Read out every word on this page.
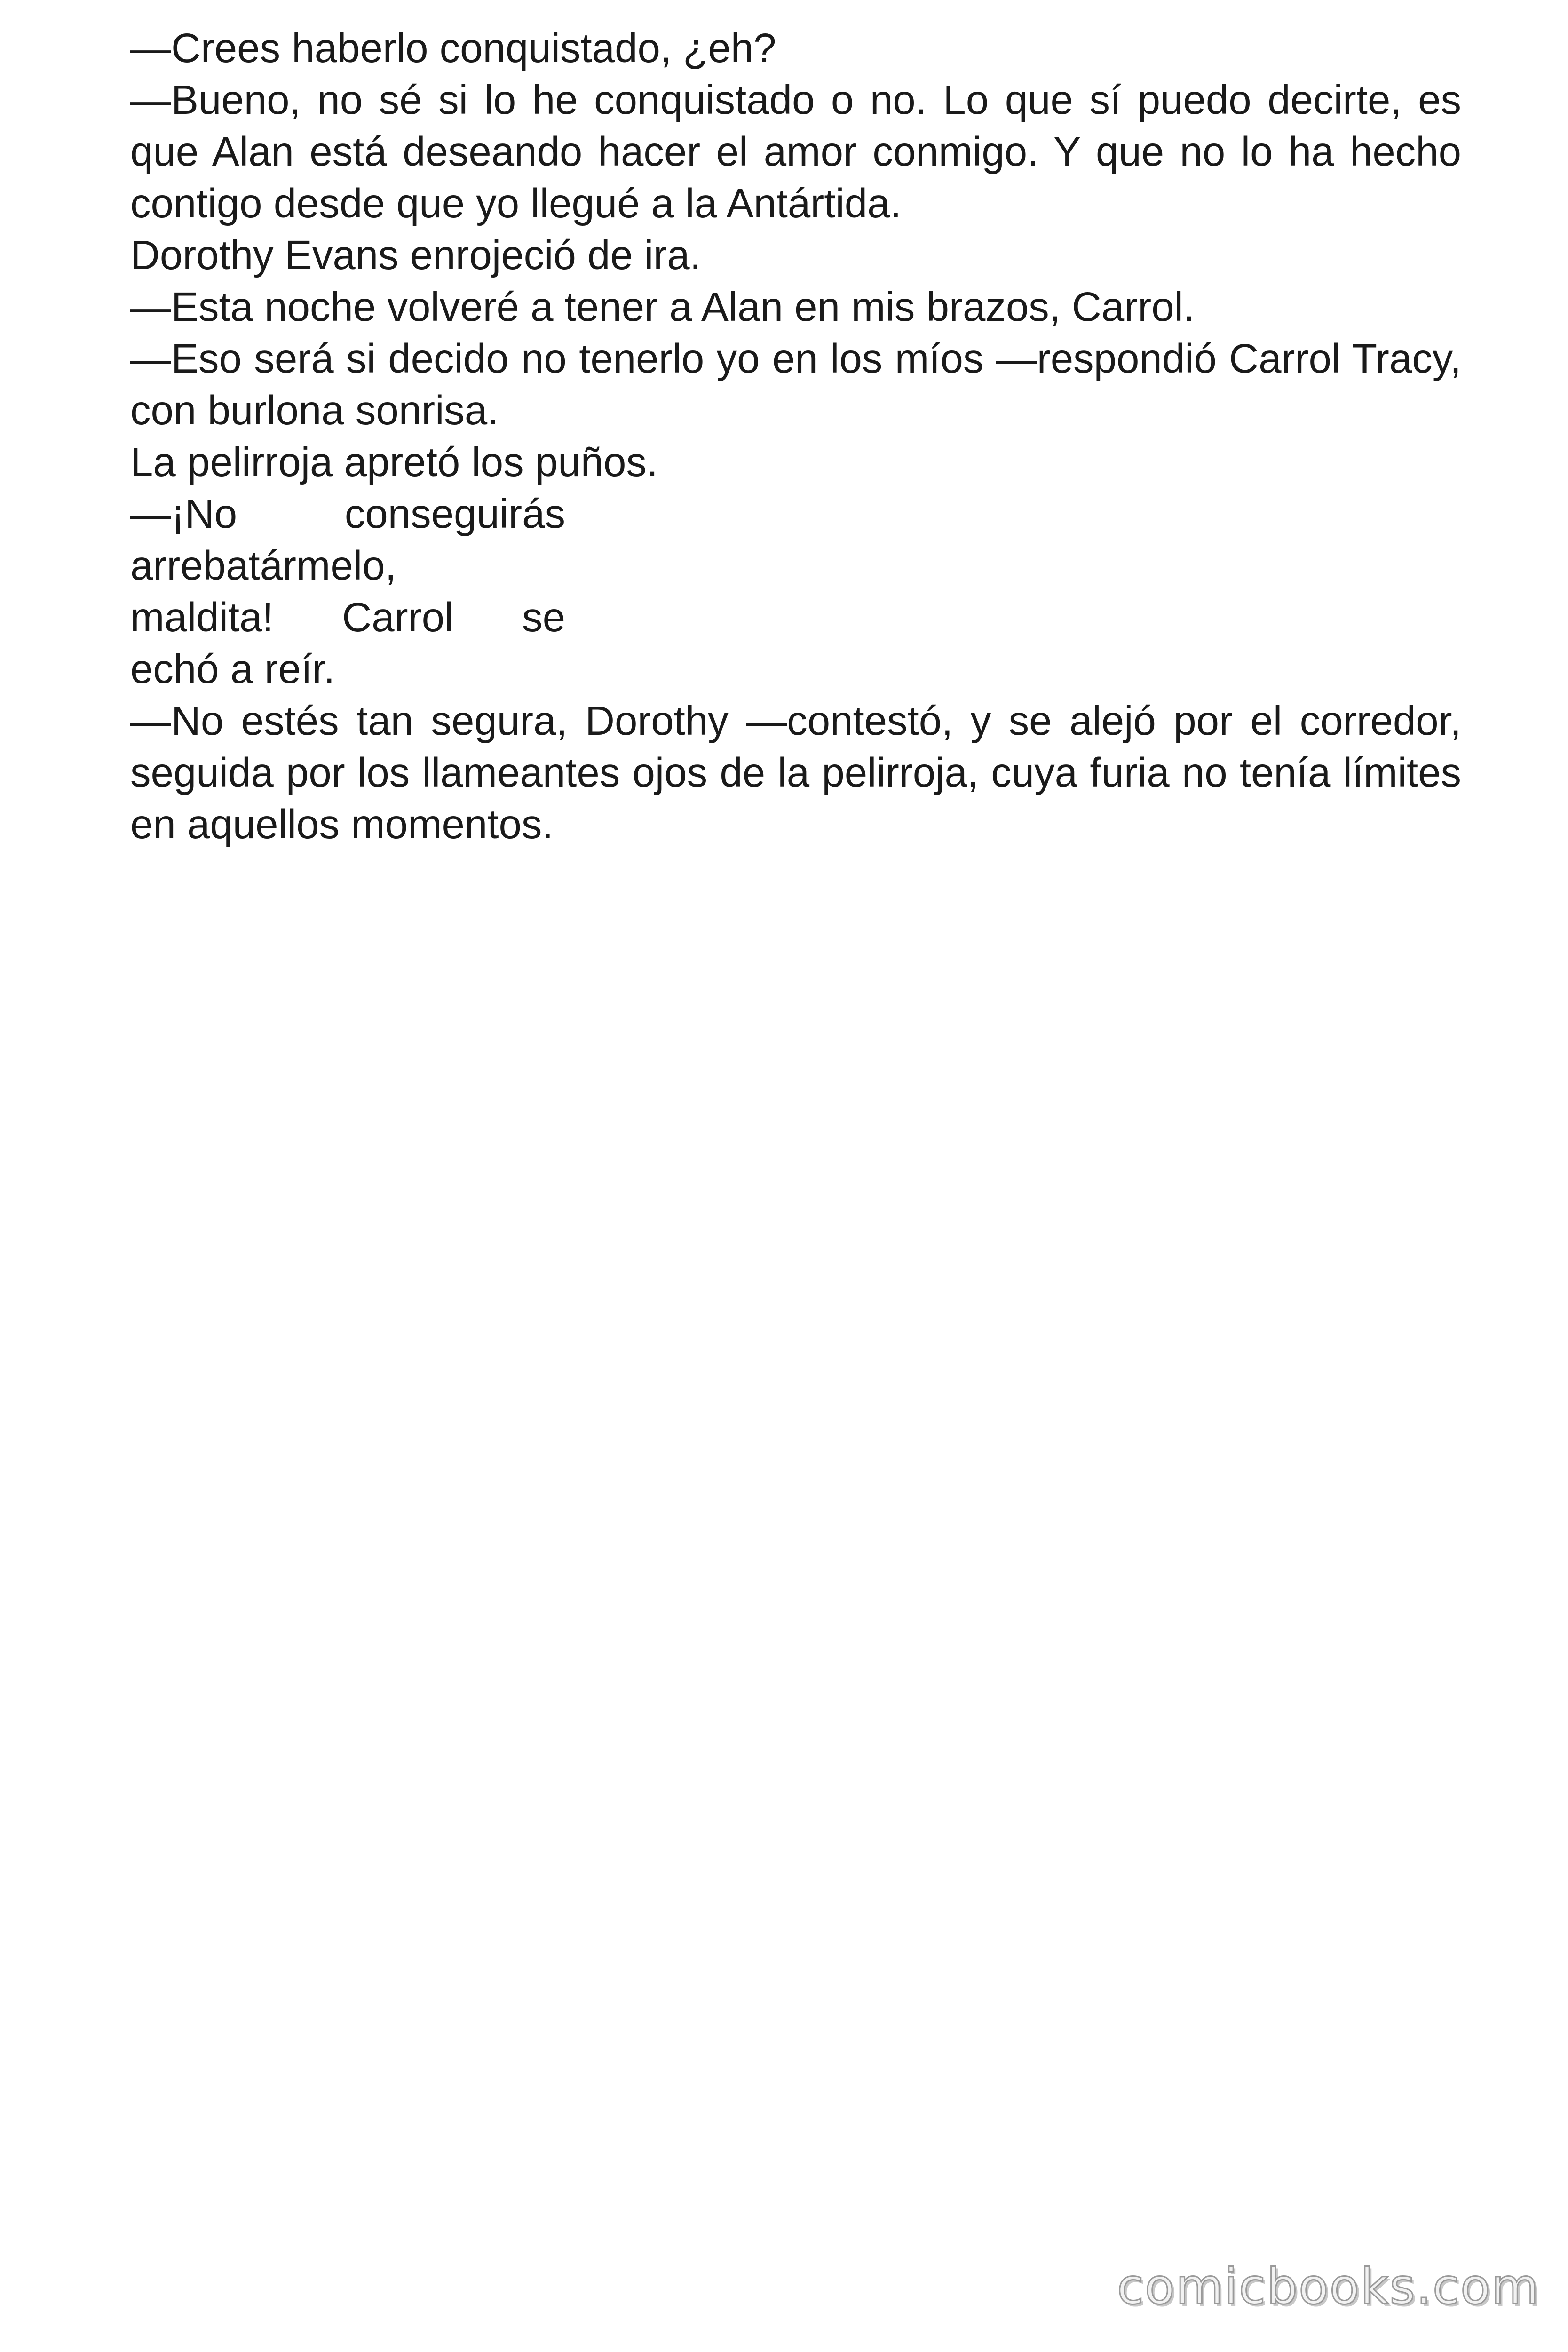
—Crees haberlo conquistado, ¿eh?

—Bueno, no sé si lo he conquistado o no. Lo que sí puedo decirte, es que Alan está deseando hacer el amor conmigo. Y que no lo ha hecho contigo desde que yo llegué a la Antártida.

Dorothy Evans enrojeció de ira.

—Esta noche volveré a tener a Alan en mis brazos, Carrol.

—Eso será si decido no tenerlo yo en los míos —respondió Carrol Tracy, con burlona sonrisa.

La pelirroja apretó los puños.

—¡No conseguirás

arrebatármelo,

maldita! Carrol se

echó a reír.

—No estés tan segura, Dorothy —contestó, y se alejó por el corredor, seguida por los llameantes ojos de la pelirroja, cuya furia no tenía límites en aquellos momentos.

comicbooks.com
